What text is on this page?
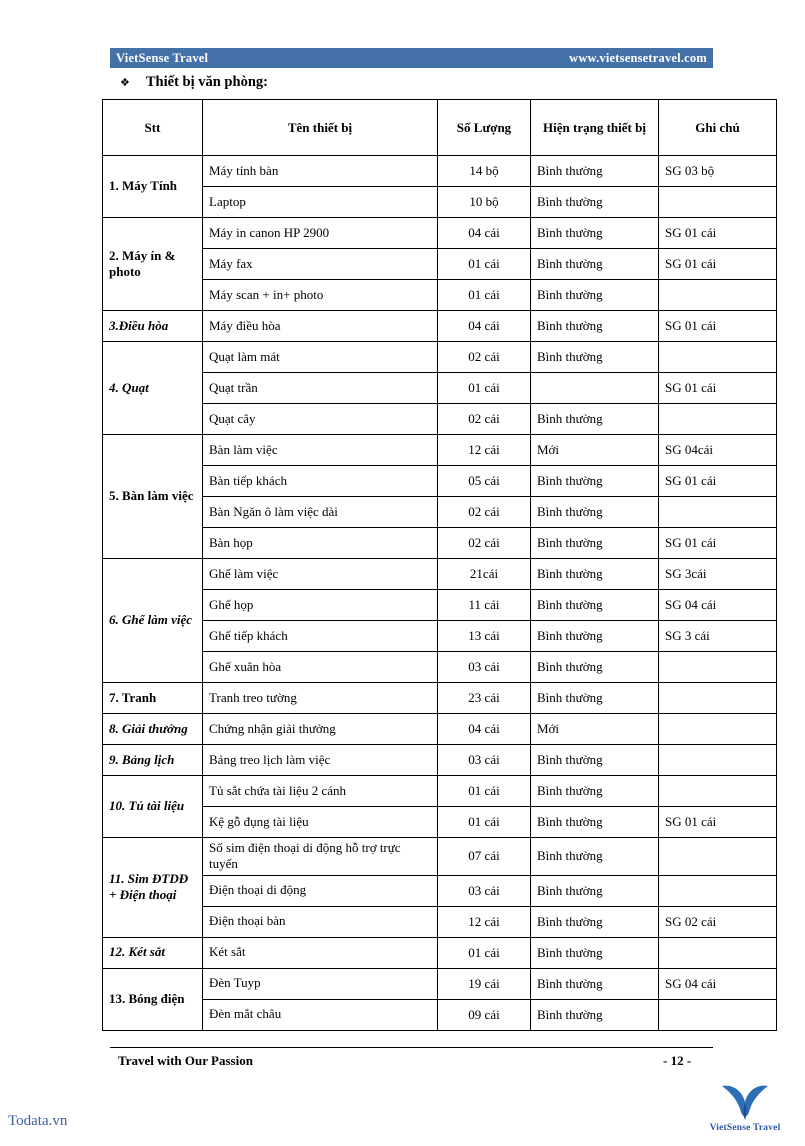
VietSense Travel	www.vietsensetravel.com
❖ Thiết bị văn phòng:
Stt	Tên thiết bị	Số Lượng	Hiện trạng thiết bị	Ghi chú
1. Máy Tính	Máy tính bàn	14 bộ	Bình thường	SG 03 bộ
	Laptop	10 bộ	Bình thường	
2. Máy ín & photo	Máy in canon HP 2900	04 cái	Bình thường	SG 01 cái
	Máy fax	01 cái	Bình thường	SG 01 cái
	Máy scan + in+ photo	01 cái	Bình thường	
3.Điều hòa	Máy điều hòa	04 cái	Bình thường	SG 01 cái
4. Quạt	Quạt làm mát	02 cái	Bình thường	
	Quạt trần	01 cái		SG 01 cái
	Quạt cây	02 cái	Bình thường	
5. Bàn làm việc	Bàn làm việc	12 cái	Mới	SG 04cái
	Bàn tiếp khách	05 cái	Bình thường	SG 01 cái
	Bàn Ngăn ô làm việc dài	02 cái	Bình thường	
	Bàn họp	02 cái	Bình thường	SG 01 cái
6. Ghế làm việc	Ghế làm việc	21cái	Bình thường	SG 3cái
	Ghế họp	11 cái	Bình thường	SG 04 cái
	Ghế tiếp khách	13 cái	Bình thường	SG 3 cái
	Ghế xuân hòa	03 cái	Bình thường	
7. Tranh	Tranh treo tường	23 cái	Bình thường	
8. Giải thưởng	Chứng nhận giải thưởng	04 cái	Mới	
9. Bảng lịch	Bảng treo lịch làm việc	03 cái	Bình thường	
10. Tủ tài liệu	Tủ sắt chứa tài liệu 2 cánh	01 cái	Bình thường	
	Kệ gỗ đụng tài liệu	01 cái	Bình thường	SG 01 cái
11. Sim ĐTDĐ + Điện thoại	Số sim điện thoại di động hỗ trợ trực tuyến	07 cái	Bình thường	
	Điện thoại di động	03 cái	Bình thường	
	Điện thoại bàn	12 cái	Bình thường	SG 02 cái
12. Két sắt	Két sắt	01 cái	Bình thường	
13. Bóng điện	Đèn Tuyp	19 cái	Bình thường	SG 04 cái
	Đèn mắt châu	09 cái	Bình thường	
Travel with Our Passion	- 12 -
Todata.vn	VietSense Travel
